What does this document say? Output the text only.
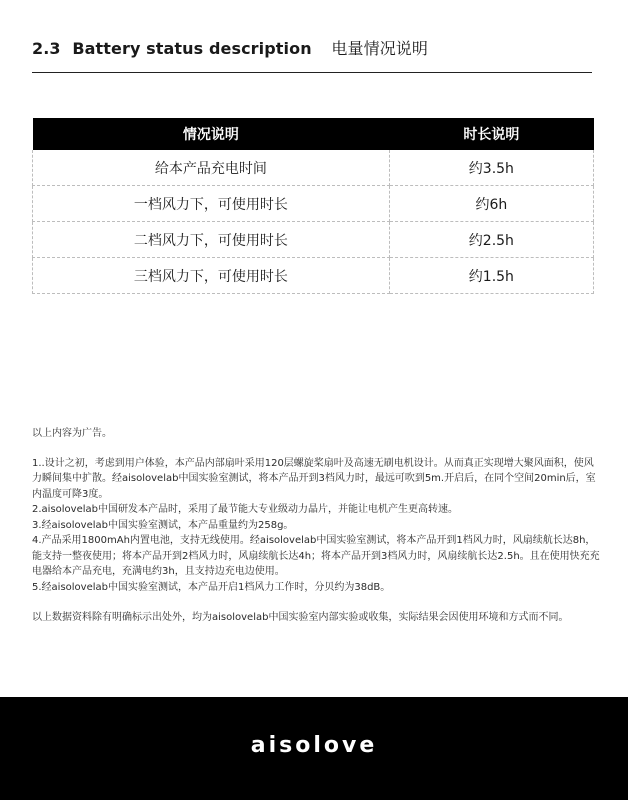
2.3 Battery status description 电量情况说明
情况说明	时长说明
给本产品充电时间	约3.5h
一档风力下，可使用时长	约6h
二档风力下，可使用时长	约2.5h
三档风力下，可使用时长	约1.5h

以上内容为广告。

1..设计之初，考虑到用户体验，本产品内部扇叶采用120层螺旋桨扇叶及高速无刷电机设计。从而真正实现增大聚风面积，使风力瞬间集中扩散。经aisolovelab中国实验室测试，将本产品开到3档风力时，最远可吹到5m.开启后，在同个空间20min后，室内温度可降3度。

2.aisolovelab中国研发本产品时，采用了最节能大专业级动力晶片，并能让电机产生更高转速。

3.经aisolovelab中国实验室测试，本产品重量约为258g。

4.产品采用1800mAh内置电池，支持无线使用。经aisolovelab中国实验室测试，将本产品开到1档风力时，风扇续航长达8h，能支持一整夜使用；将本产品开到2档风力时，风扇续航长达4h；将本产品开到3档风力时，风扇续航长达2.5h。且在使用快充充电器给本产品充电，充满电约3h，且支持边充电边使用。

5.经aisolovelab中国实验室测试，本产品开启1档风力工作时，分贝约为38dB。

以上数据资料除有明确标示出处外，均为aisolovelab中国实验室内部实验或收集，实际结果会因使用环境和方式而不同。

aisolove
